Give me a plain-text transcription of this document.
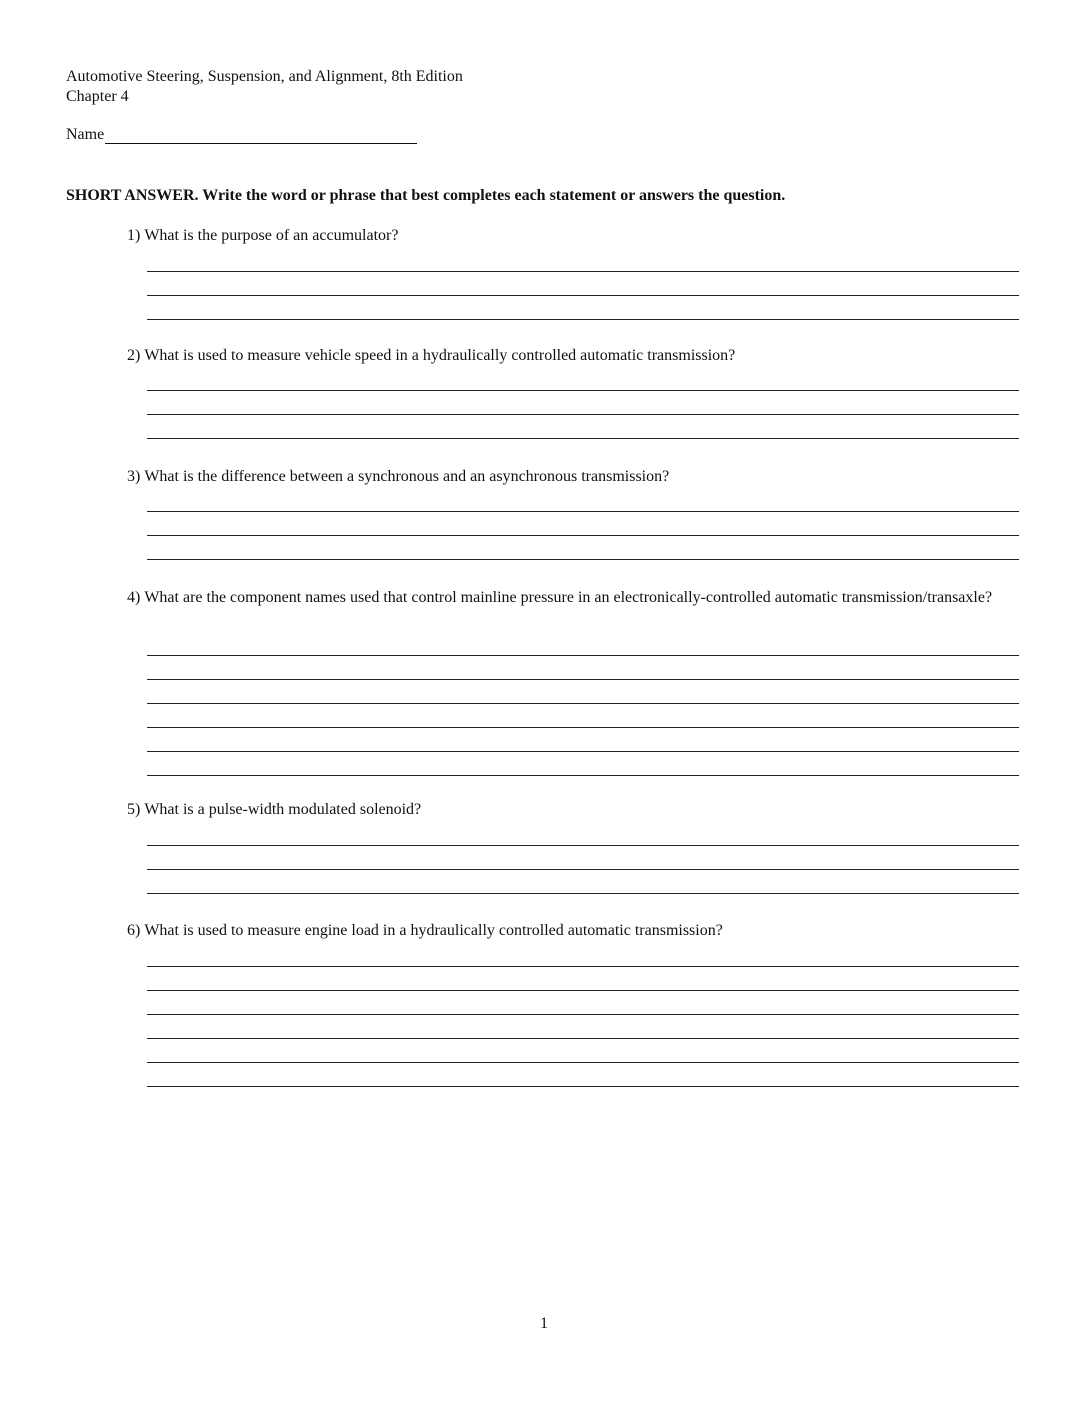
Automotive Steering, Suspension, and Alignment, 8th Edition
Chapter 4
Name
SHORT ANSWER. Write the word or phrase that best completes each statement or answers the question.
1) What is the purpose of an accumulator?
2) What is used to measure vehicle speed in a hydraulically controlled automatic transmission?
3) What is the difference between a synchronous and an asynchronous transmission?
4) What are the component names used that control mainline pressure in an electronically-controlled automatic transmission/transaxle?
5) What is a pulse-width modulated solenoid?
6) What is used to measure engine load in a hydraulically controlled automatic transmission?
1
